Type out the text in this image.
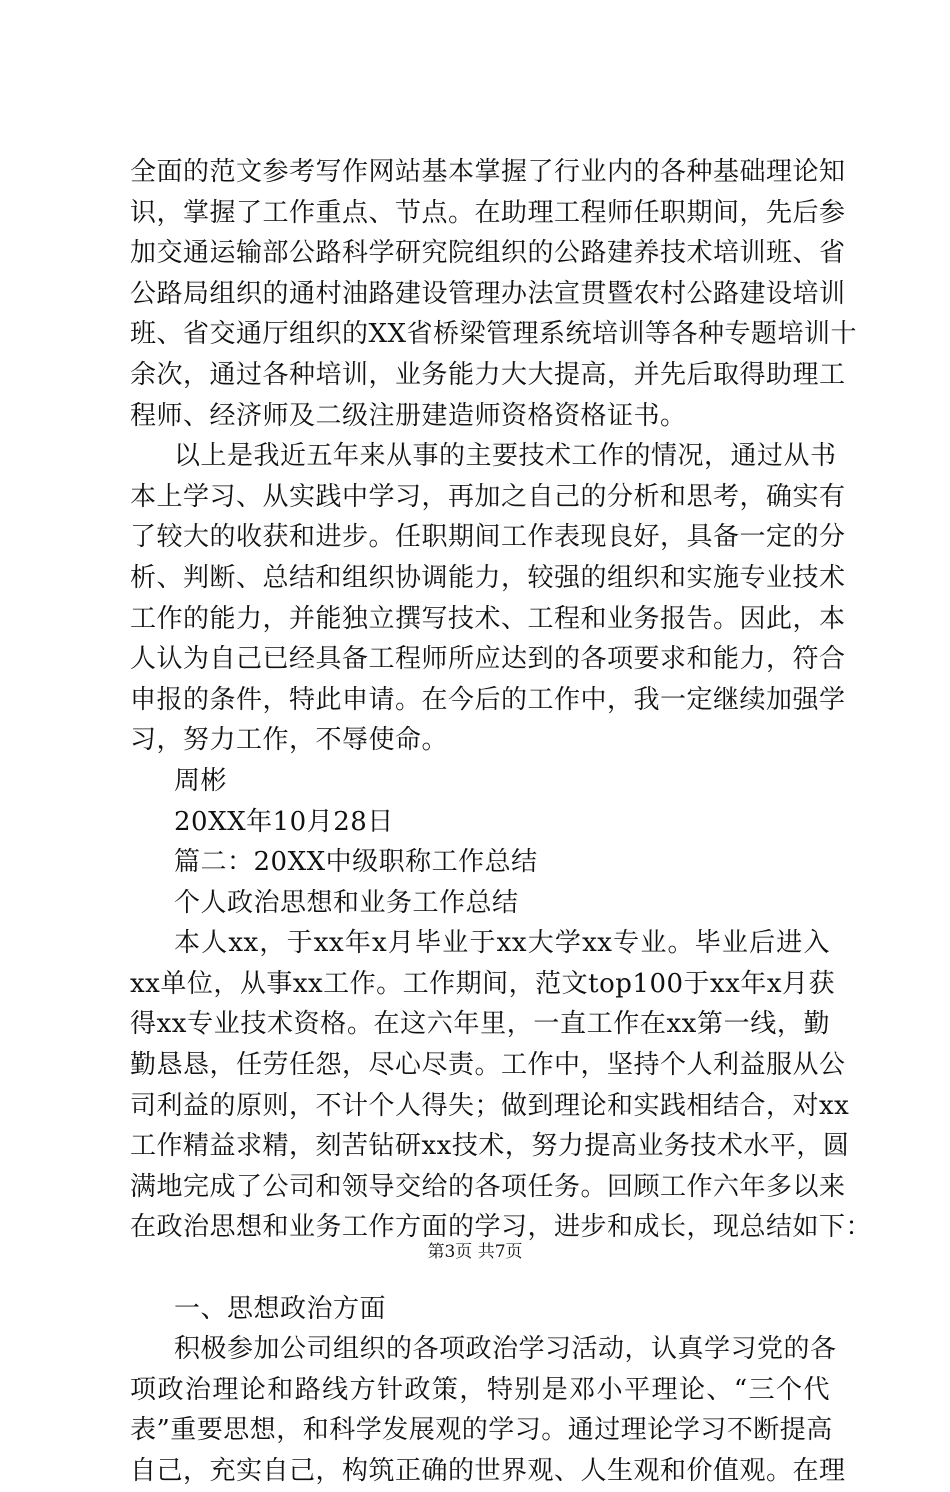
全面的范文参考写作网站基本掌握了行业内的各种基础理论知
识，掌握了工作重点、节点。在助理工程师任职期间，先后参
加交通运输部公路科学研究院组织的公路建养技术培训班、省
公路局组织的通村油路建设管理办法宣贯暨农村公路建设培训
班、省交通厅组织的XX省桥梁管理系统培训等各种专题培训十
余次，通过各种培训，业务能力大大提高，并先后取得助理工
程师、经济师及二级注册建造师资格资格证书。
以上是我近五年来从事的主要技术工作的情况，通过从书
本上学习、从实践中学习，再加之自己的分析和思考，确实有
了较大的收获和进步。任职期间工作表现良好，具备一定的分
析、判断、总结和组织协调能力，较强的组织和实施专业技术
工作的能力，并能独立撰写技术、工程和业务报告。因此，本
人认为自己已经具备工程师所应达到的各项要求和能力，符合
申报的条件，特此申请。在今后的工作中，我一定继续加强学
习，努力工作，不辱使命。
周彬
20XX年10月28日
篇二：20XX中级职称工作总结
个人政治思想和业务工作总结
本人xx，于xx年x月毕业于xx大学xx专业。毕业后进入
xx单位，从事xx工作。工作期间，范文top100于xx年x月获
得xx专业技术资格。在这六年里，一直工作在xx第一线，勤
勤恳恳，任劳任怨，尽心尽责。工作中，坚持个人利益服从公
司利益的原则，不计个人得失；做到理论和实践相结合，对xx
工作精益求精，刻苦钻研xx技术，努力提高业务技术水平，圆
满地完成了公司和领导交给的各项任务。回顾工作六年多以来
在政治思想和业务工作方面的学习，进步和成长，现总结如下：
一、思想政治方面
积极参加公司组织的各项政治学习活动，认真学习党的各
项政治理论和路线方针政策，特别是邓小平理论、“三个代
表”重要思想，和科学发展观的学习。通过理论学习不断提高
自己，充实自己，构筑正确的世界观、人生观和价值观。在理
第3页 共7页
